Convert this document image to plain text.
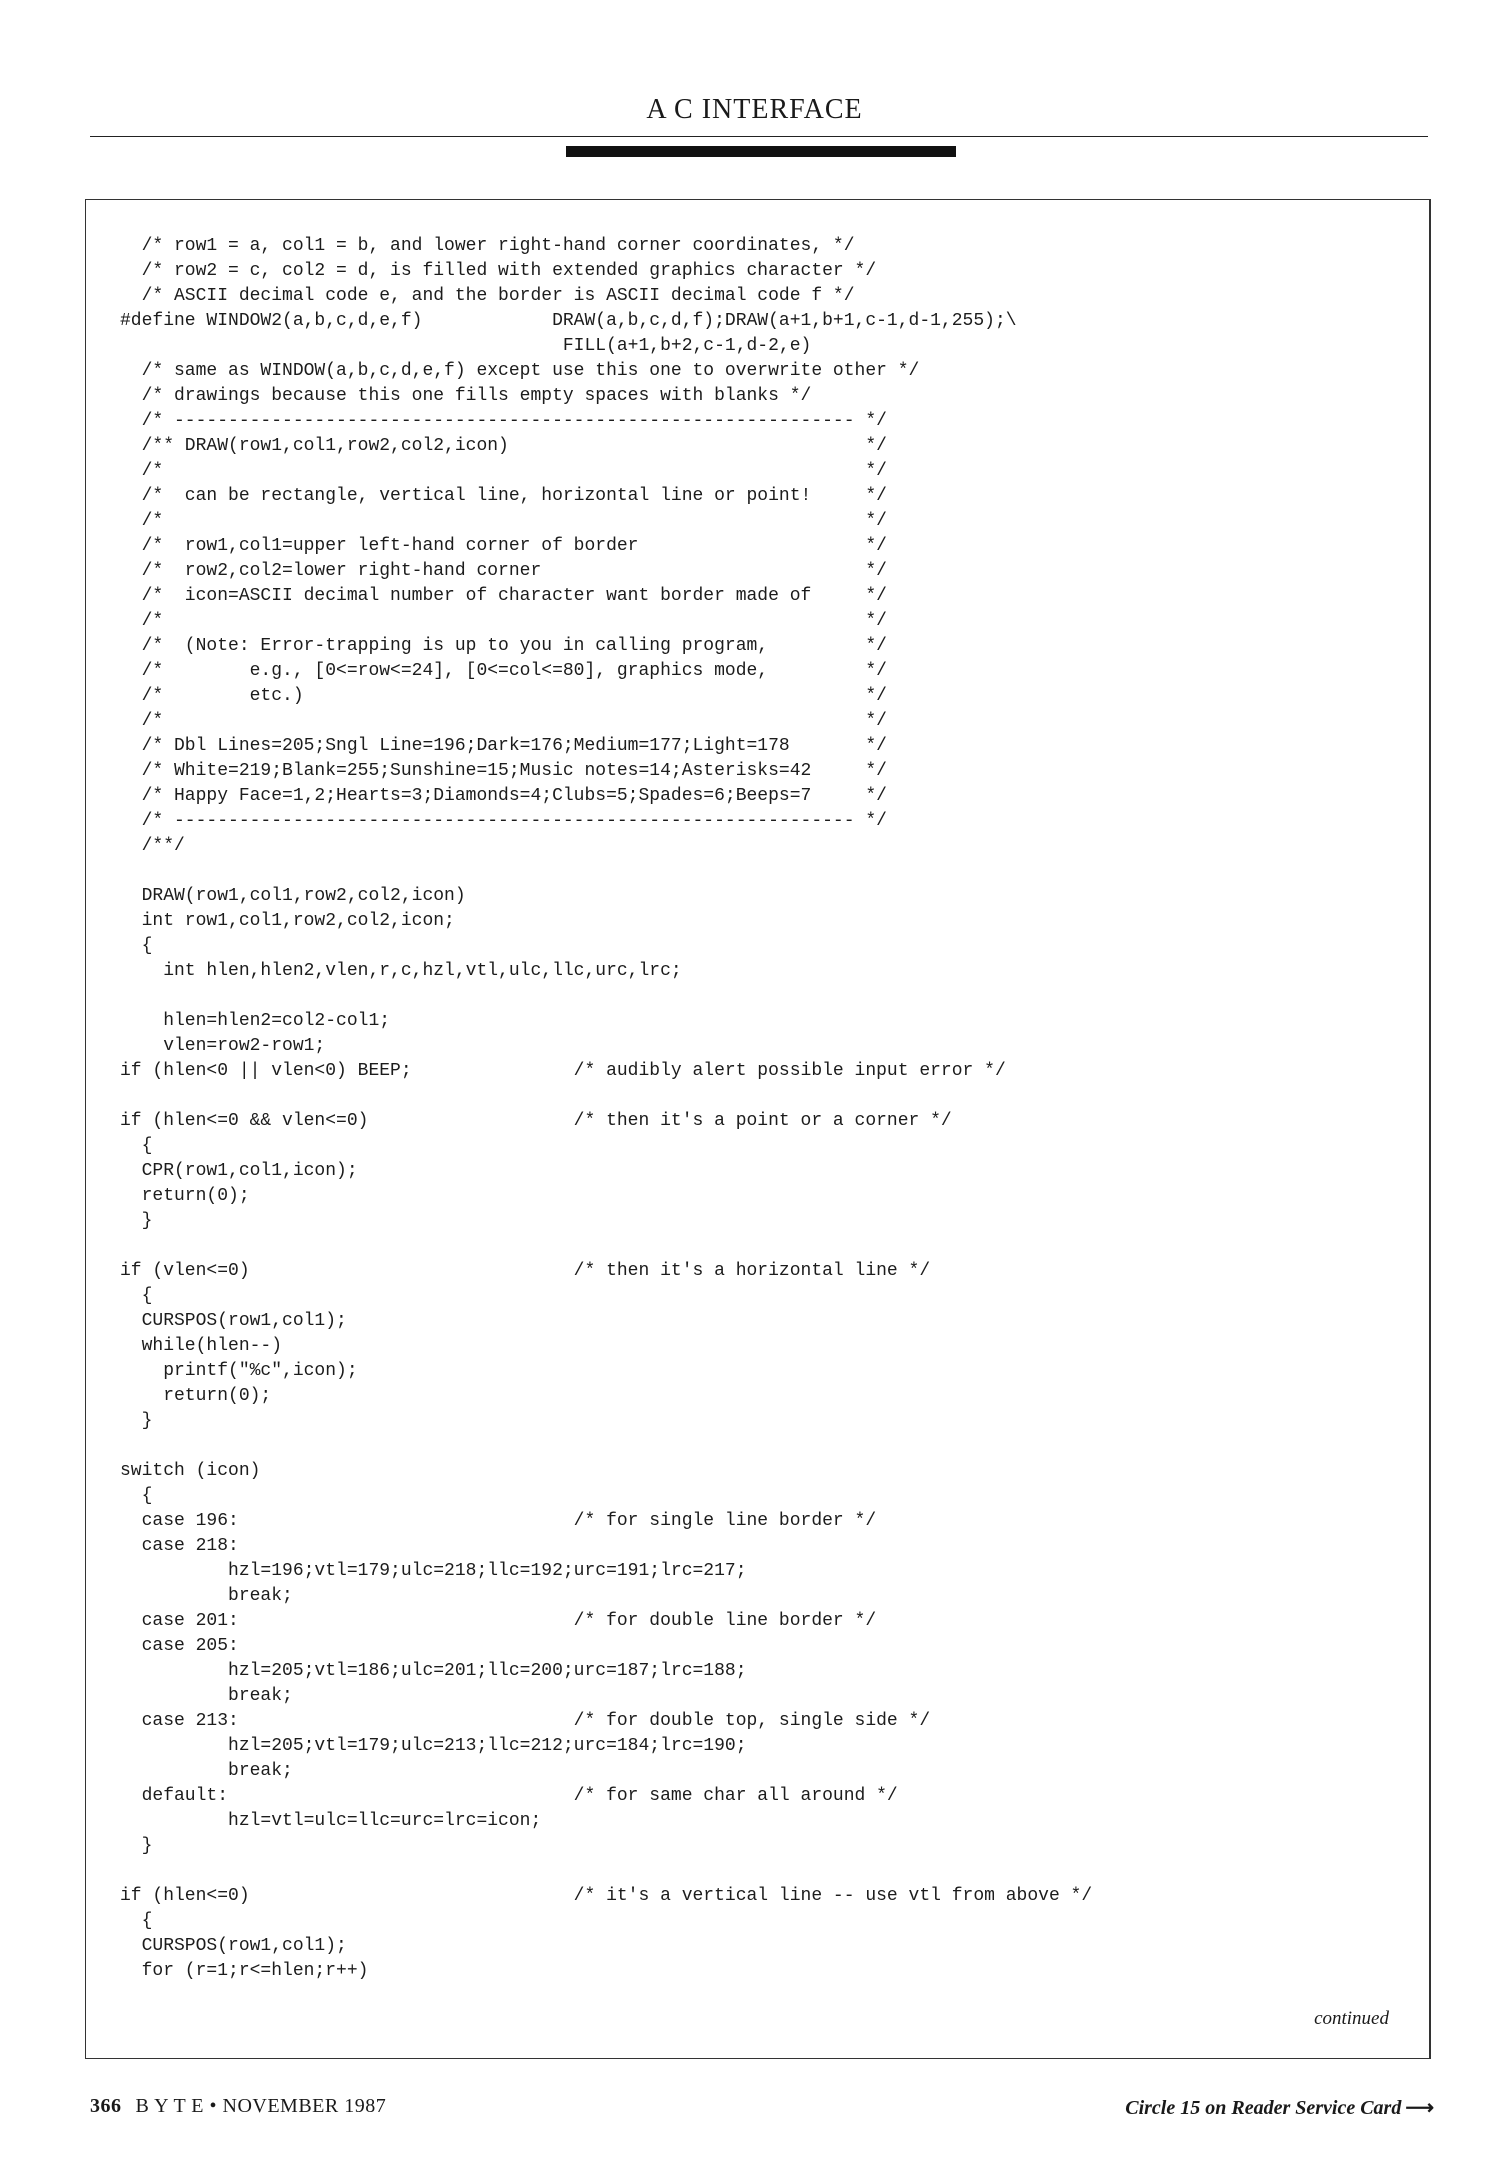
A C INTERFACE
/* row1 = a, col1 = b, and lower right-hand corner coordinates, */
/* row2 = c, col2 = d, is filled with extended graphics character */
/* ASCII decimal code e, and the border is ASCII decimal code f */
#define WINDOW2(a,b,c,d,e,f)            DRAW(a,b,c,d,f);DRAW(a+1,b+1,c-1,d-1,255);\
FILL(a+1,b+2,c-1,d-2,e)
/* same as WINDOW(a,b,c,d,e,f) except use this one to overwrite other */
/* drawings because this one fills empty spaces with blanks */
/* --------------------------------------------------------------- */
/** DRAW(row1,col1,row2,col2,icon)                                 */
/*                                                                 */
/*  can be rectangle, vertical line, horizontal line or point!     */
/*                                                                 */
/*  row1,col1=upper left-hand corner of border                     */
/*  row2,col2=lower right-hand corner                              */
/*  icon=ASCII decimal number of character want border made of     */
/*                                                                 */
/*  (Note: Error-trapping is up to you in calling program,         */
/*        e.g., [0<=row<=24], [0<=col<=80], graphics mode,         */
/*        etc.)                                                    */
/*                                                                 */
/* Dbl Lines=205;Sngl Line=196;Dark=176;Medium=177;Light=178       */
/* White=219;Blank=255;Sunshine=15;Music notes=14;Asterisks=42     */
/* Happy Face=1,2;Hearts=3;Diamonds=4;Clubs=5;Spades=6;Beeps=7     */
/* --------------------------------------------------------------- */
/**/
DRAW(row1,col1,row2,col2,icon)
int row1,col1,row2,col2,icon;
{
int hlen,hlen2,vlen,r,c,hzl,vtl,ulc,llc,urc,lrc;
hlen=hlen2=col2-col1;
vlen=row2-row1;
if (hlen<0 || vlen<0) BEEP;               /* audibly alert possible input error */
if (hlen<=0 && vlen<=0)                   /* then it's a point or a corner */
{
CPR(row1,col1,icon);
return(0);
}
if (vlen<=0)                              /* then it's a horizontal line */
{
CURSPOS(row1,col1);
while(hlen--)
printf("%c",icon);
return(0);
}
switch (icon)
{
case 196:                               /* for single line border */
case 218:
hzl=196;vtl=179;ulc=218;llc=192;urc=191;lrc=217;
break;
case 201:                               /* for double line border */
case 205:
hzl=205;vtl=186;ulc=201;llc=200;urc=187;lrc=188;
break;
case 213:                               /* for double top, single side */
hzl=205;vtl=179;ulc=213;llc=212;urc=184;lrc=190;
break;
default:                                /* for same char all around */
hzl=vtl=ulc=llc=urc=lrc=icon;
}
if (hlen<=0)                              /* it's a vertical line -- use vtl from above */
{
CURSPOS(row1,col1);
for (r=1;r<=hlen;r++)
continued
366 B Y T E • NOVEMBER 1987	Circle 15 on Reader Service Card ⟶
